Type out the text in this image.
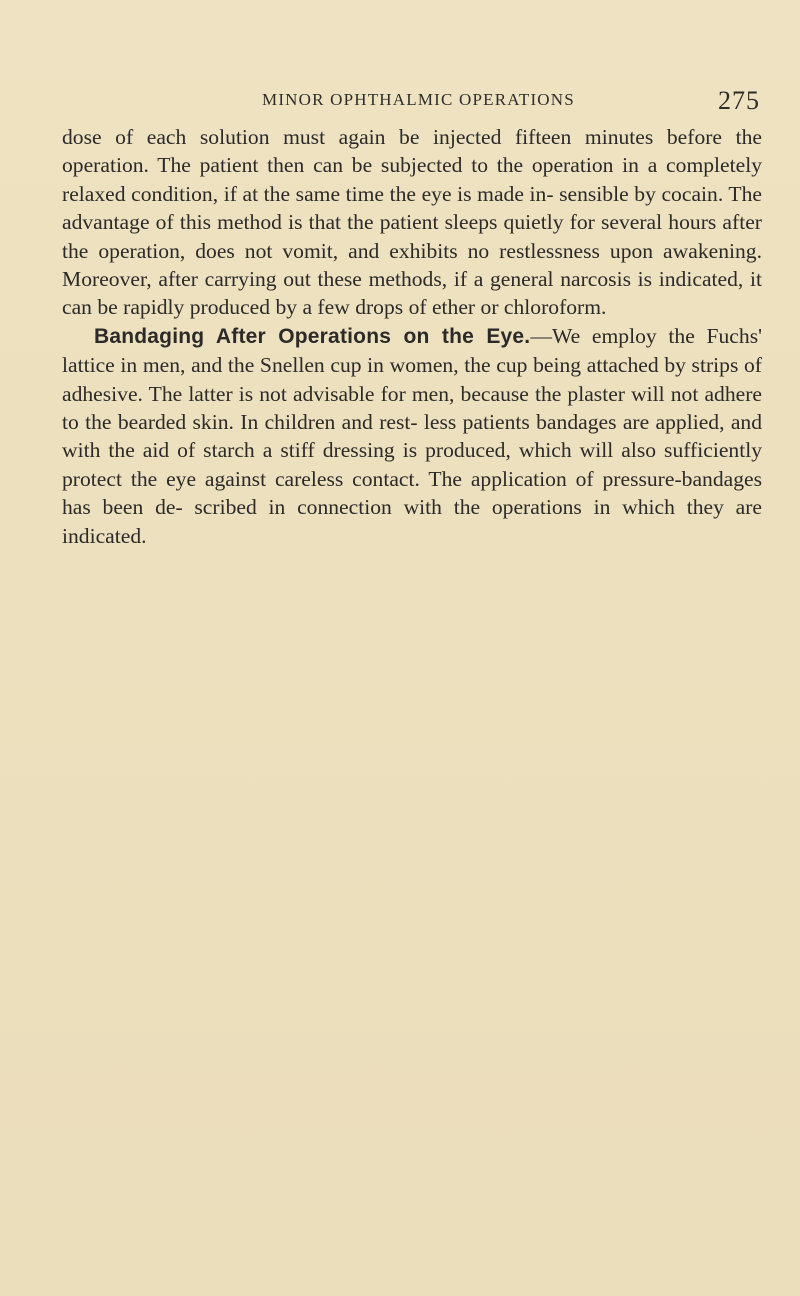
MINOR OPHTHALMIC OPERATIONS	275

dose of each solution must again be injected fifteen minutes before the operation. The patient then can be subjected to the operation in a completely relaxed condition, if at the same time the eye is made in- sensible by cocain. The advantage of this method is that the patient sleeps quietly for several hours after the operation, does not vomit, and exhibits no restlessness upon awakening. Moreover, after carrying out these methods, if a general narcosis is indicated, it can be rapidly produced by a few drops of ether or chloroform.

Bandaging After Operations on the Eye.—We employ the Fuchs' lattice in men, and the Snellen cup in women, the cup being attached by strips of adhesive. The latter is not advisable for men, because the plaster will not adhere to the bearded skin. In children and rest- less patients bandages are applied, and with the aid of starch a stiff dressing is produced, which will also sufficiently protect the eye against careless contact. The application of pressure-bandages has been de- scribed in connection with the operations in which they are indicated.
